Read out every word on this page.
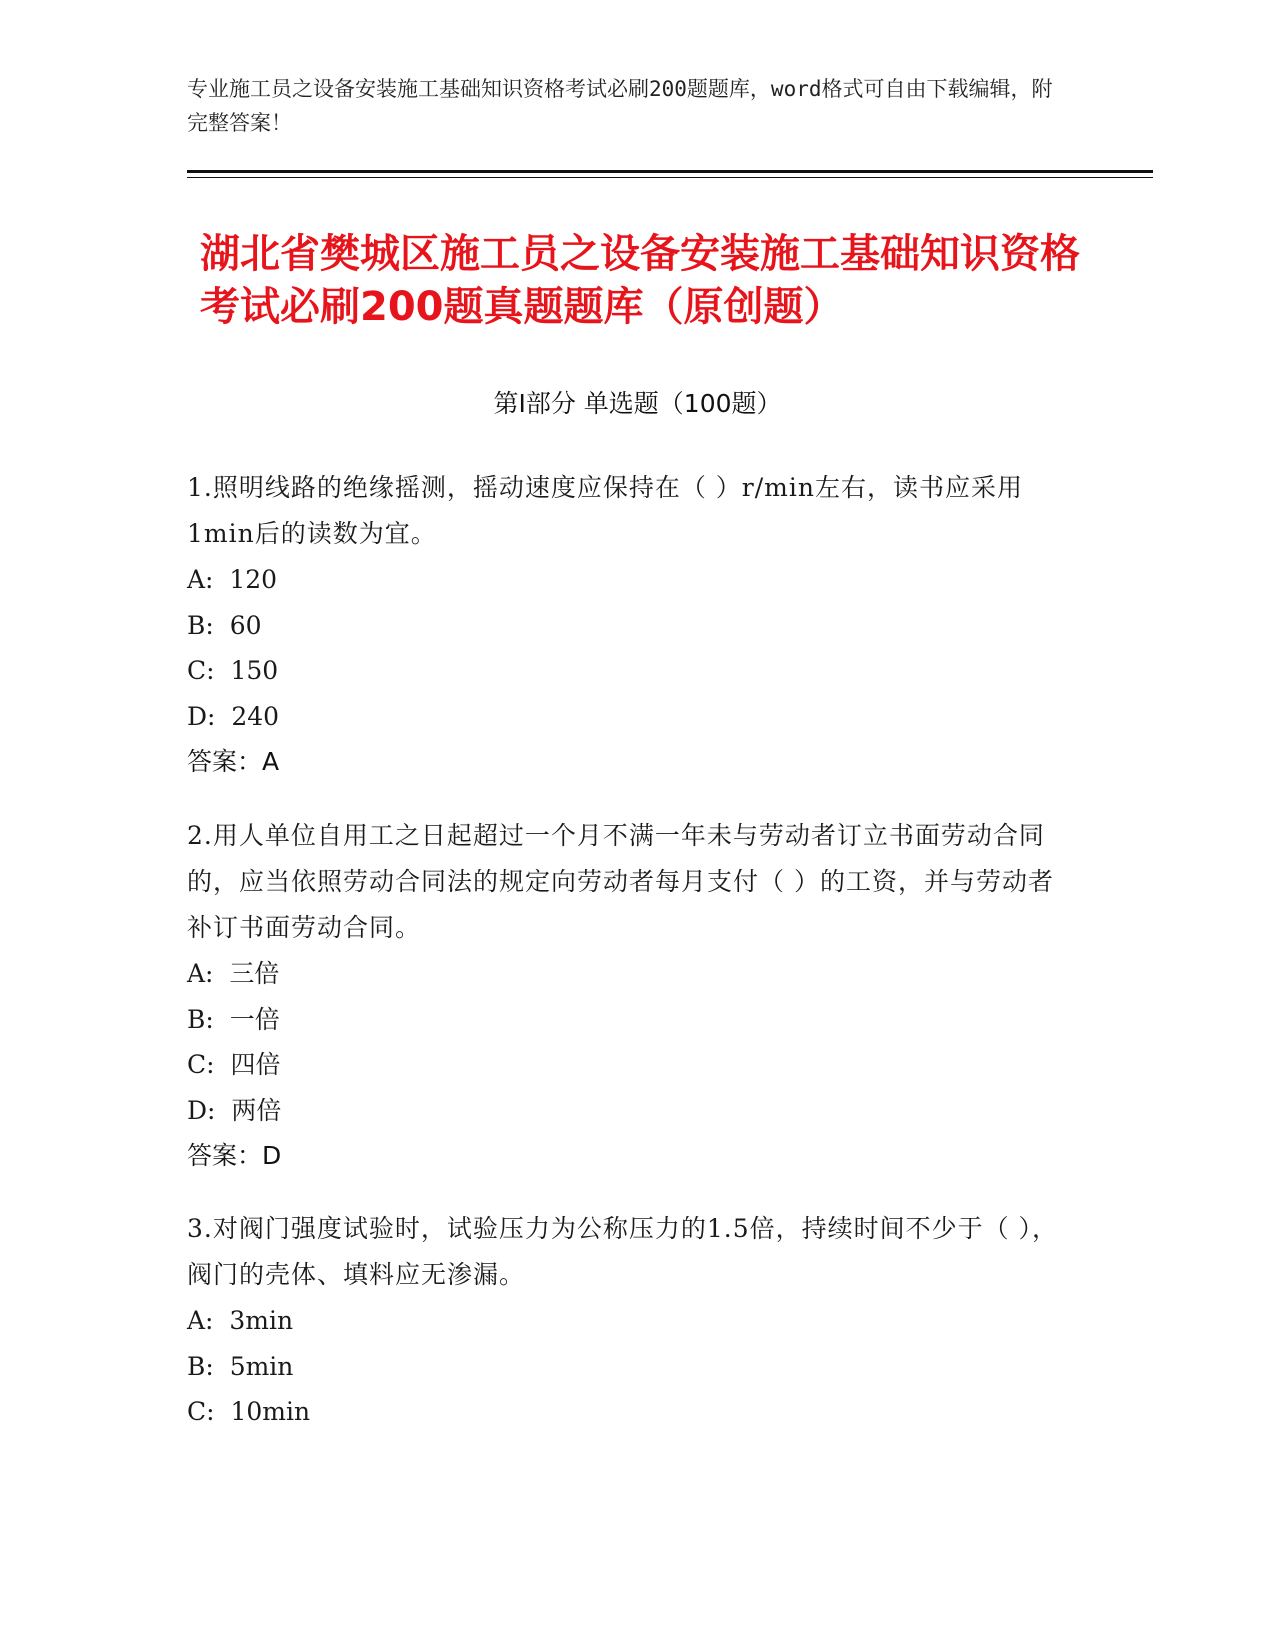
专业施工员之设备安装施工基础知识资格考试必刷200题题库，word格式可自由下载编辑，附完整答案！
湖北省樊城区施工员之设备安装施工基础知识资格考试必刷200题真题题库（原创题）
第I部分 单选题（100题）
1.照明线路的绝缘摇测，摇动速度应保持在（ ）r/min左右，读书应采用1min后的读数为宜。
A:  120
B:  60
C:  150
D:  240
答案：A
2.用人单位自用工之日起超过一个月不满一年未与劳动者订立书面劳动合同的，应当依照劳动合同法的规定向劳动者每月支付（ ）的工资，并与劳动者补订书面劳动合同。
A:  三倍
B:  一倍
C:  四倍
D:  两倍
答案：D
3.对阀门强度试验时，试验压力为公称压力的1.5倍，持续时间不少于（ ），阀门的壳体、填料应无渗漏。
A:  3min
B:  5min
C:  10min
